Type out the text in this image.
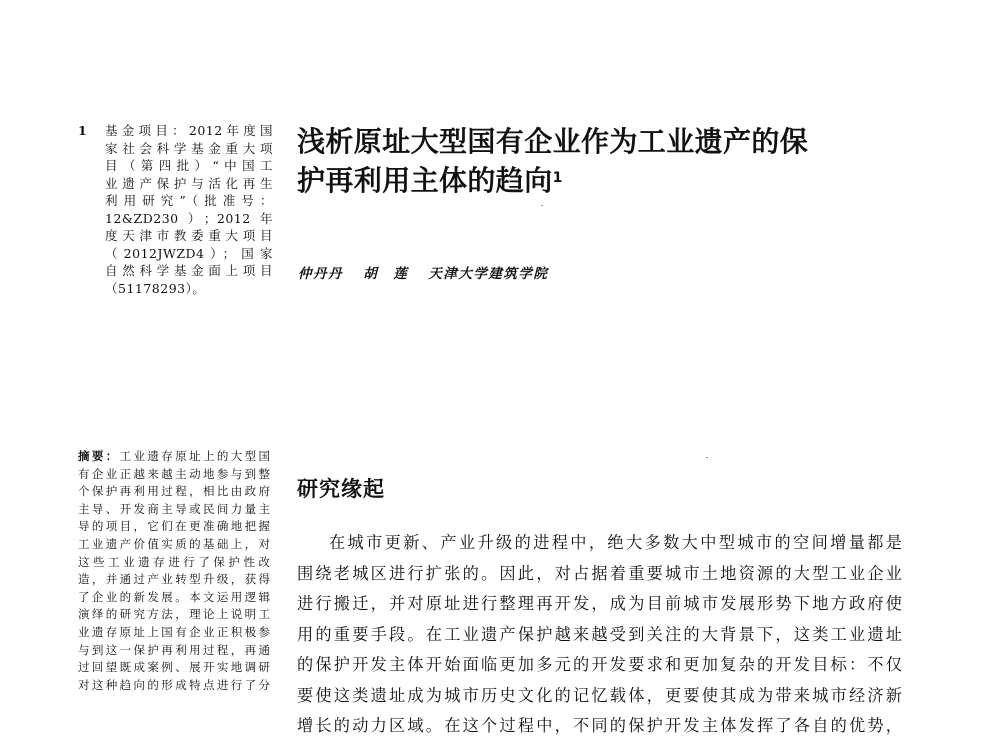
1	基金项目：2012年度国
家社会科学基金重大项
目（第四批）“中国工
业遗产保护与活化再生
利用研究”（批准号：
12&ZD230）；2012年
度天津市教委重大项目
（2012JWZD4）；国家
自然科学基金面上项目
（51178293）。
浅析原址大型国有企业作为工业遗产的保
护再利用主体的趋向$^1$
仲丹丹 胡　莲 天津大学建筑学院
摘要：工业遗存原址上的大型国
有企业正越来越主动地参与到整
个保护再利用过程，相比由政府
主导、开发商主导或民间力量主
导的项目，它们在更准确地把握
工业遗产价值实质的基础上，对
这些工业遗存进行了保护性改
造，并通过产业转型升级，获得
了企业的新发展。本文运用逻辑
演绎的研究方法，理论上说明工
业遗存原址上国有企业正积极参
与到这一保护再利用过程，再通
过回望既成案例、展开实地调研
对这种趋向的形成特点进行了分
研究缘起
在城市更新、产业升级的进程中，绝大多数大中型城市的空间增量都是
围绕老城区进行扩张的。因此，对占据着重要城市土地资源的大型工业企业
进行搬迁，并对原址进行整理再开发，成为目前城市发展形势下地方政府使
用的重要手段。在工业遗产保护越来越受到关注的大背景下，这类工业遗址
的保护开发主体开始面临更加多元的开发要求和更加复杂的开发目标：不仅
要使这类遗址成为城市历史文化的记忆载体，更要使其成为带来城市经济新
增长的动力区域。在这个过程中，不同的保护开发主体发挥了各自的优势，
